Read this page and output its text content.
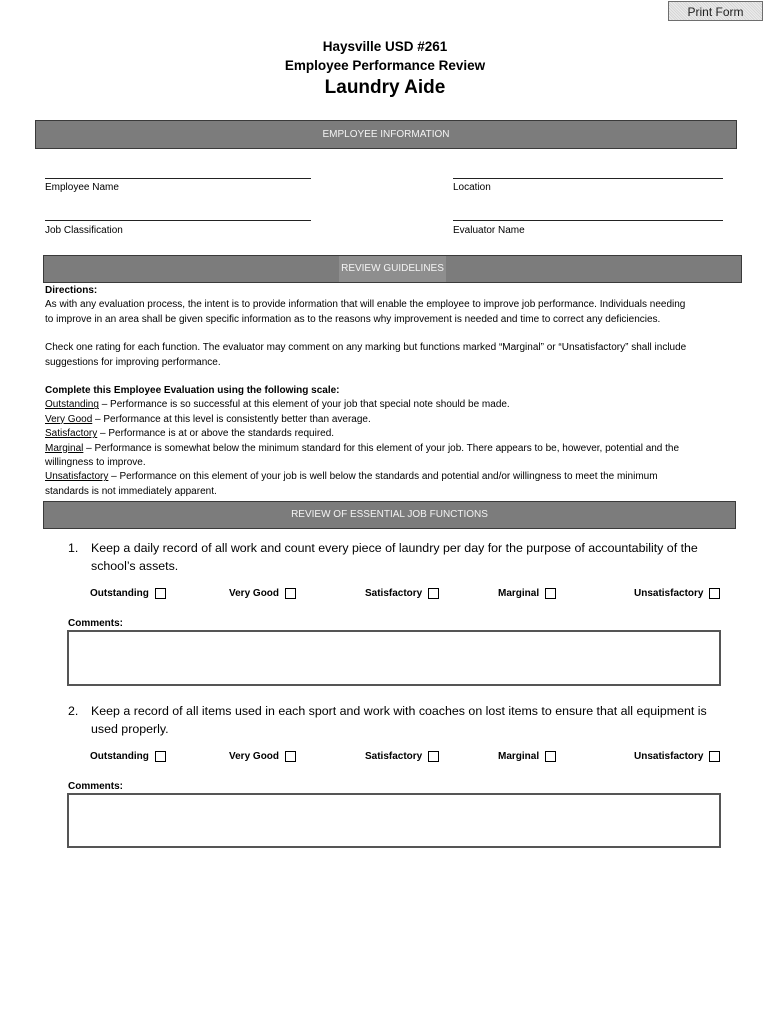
Print Form
Haysville USD #261
Employee Performance Review
Laundry Aide
EMPLOYEE INFORMATION
Employee Name	Location
Job Classification	Evaluator Name
REVIEW GUIDELINES
Directions:
As with any evaluation process, the intent is to provide information that will enable the employee to improve job performance. Individuals needing
to improve in an area shall be given specific information as to the reasons why improvement is needed and time to correct any deficiencies.
Check one rating for each function. The evaluator may comment on any marking but functions marked “Marginal” or “Unsatisfactory” shall include
suggestions for improving performance.
Complete this Employee Evaluation using the following scale:
Outstanding – Performance is so successful at this element of your job that special note should be made.
Very Good – Performance at this level is consistently better than average.
Satisfactory – Performance is at or above the standards required.
Marginal – Performance is somewhat below the minimum standard for this element of your job. There appears to be, however, potential and the
willingness to improve.
Unsatisfactory – Performance on this element of your job is well below the standards and potential and/or willingness to meet the minimum
standards is not immediately apparent.
REVIEW OF ESSENTIAL JOB FUNCTIONS
1. Keep a daily record of all work and count every piece of laundry per day for the purpose of accountability of the
school’s assets.
Outstanding	Very Good	Satisfactory	Marginal	Unsatisfactory
Comments:
2. Keep a record of all items used in each sport and work with coaches on lost items to ensure that all equipment is
used properly.
Outstanding	Very Good	Satisfactory	Marginal	Unsatisfactory
Comments:
